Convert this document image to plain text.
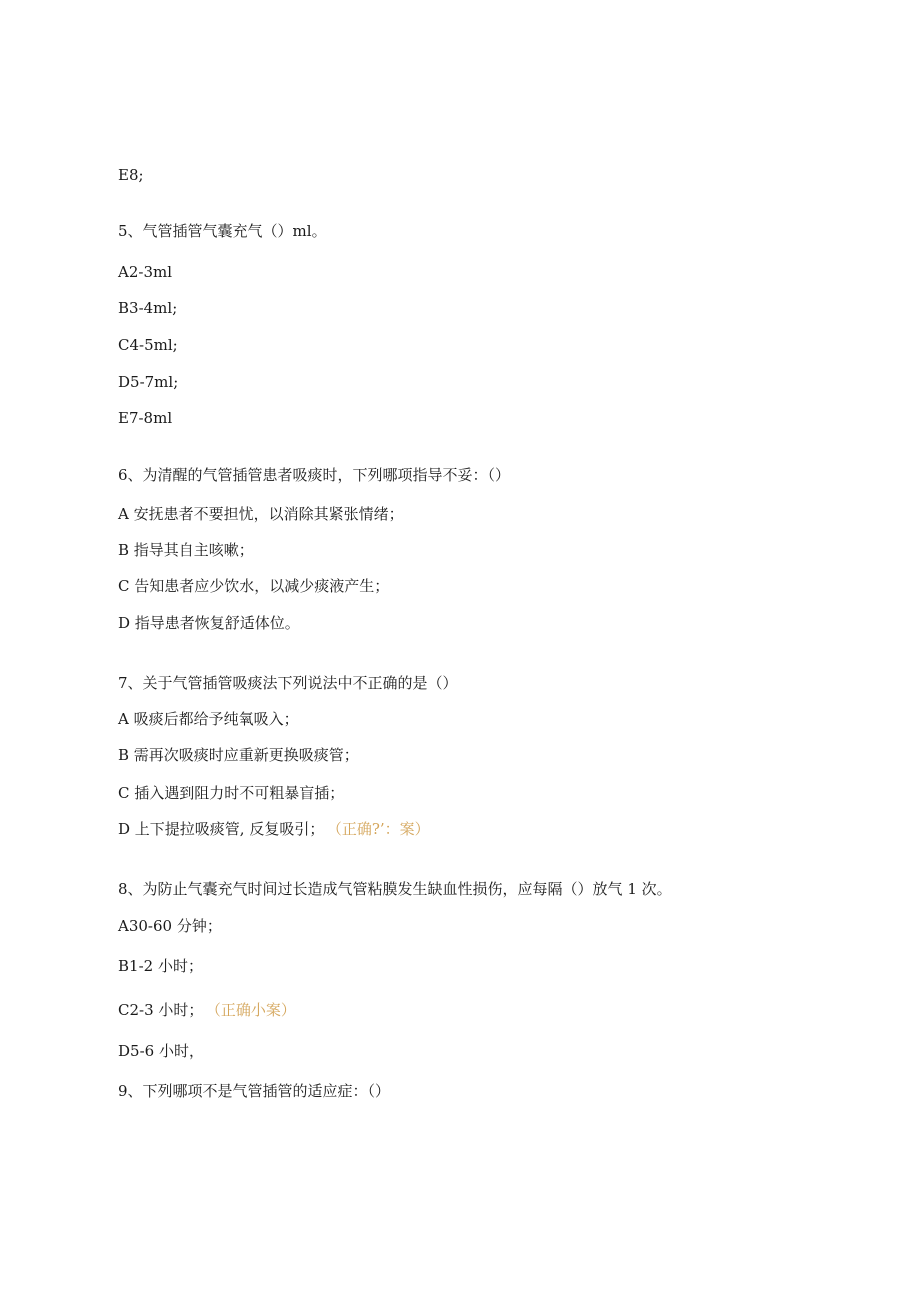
E8;
5、气管插管气囊充气（）ml。
A2-3ml
B3-4ml;
C4-5ml;
D5-7ml;
E7-8ml
6、为清醒的气管插管患者吸痰时，下列哪项指导不妥：（）
A 安抚患者不要担忧，以消除其紧张情绪；
B 指导其自主咳嗽；
C 告知患者应少饮水，以减少痰液产生；
D 指导患者恢复舒适体位。
7、关于气管插管吸痰法下列说法中不正确的是（）
A 吸痰后都给予纯氧吸入；
B 需再次吸痰时应重新更换吸痰管；
C 插入遇到阻力时不可粗暴盲插；
D 上下提拉吸痰管, 反复吸引； （正确?’：案）
8、为防止气囊充气时间过长造成气管粘膜发生缺血性损伤，应每隔（）放气 1 次。
A30-60 分钟；
B1-2 小时；
C2-3 小时； （正确小案）
D5-6 小时，
9、下列哪项不是气管插管的适应症：（）
